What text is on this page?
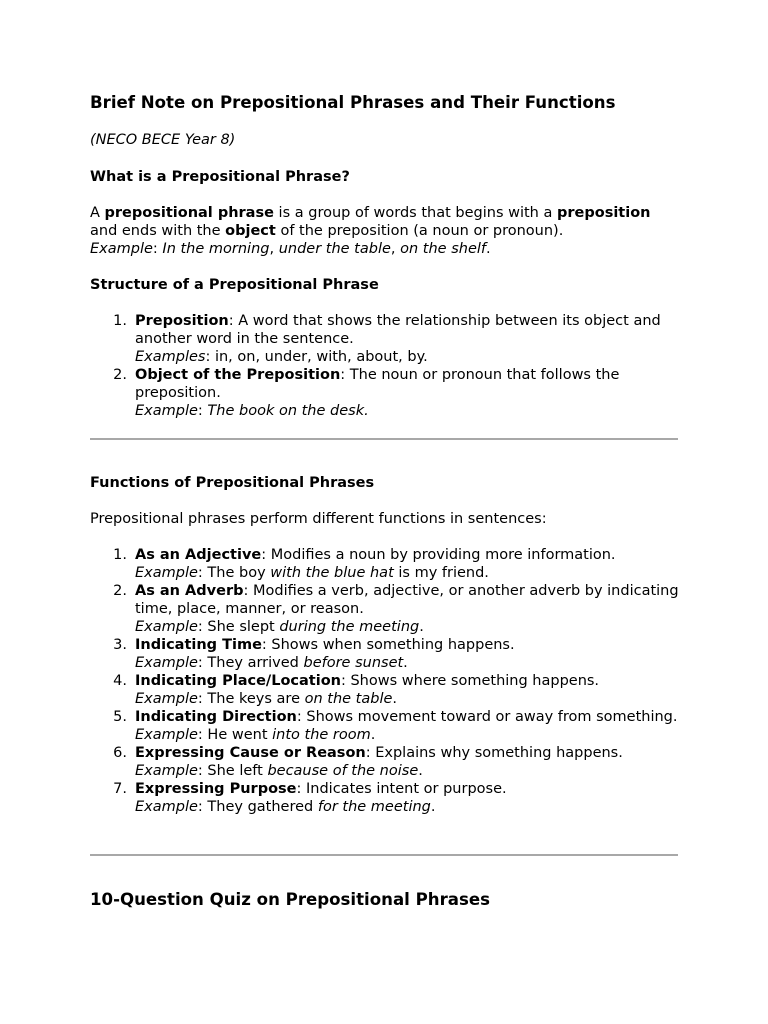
Brief Note on Prepositional Phrases and Their Functions
(NECO BECE Year 8)
What is a Prepositional Phrase?

A prepositional phrase is a group of words that begins with a preposition
and ends with the object of the preposition (a noun or pronoun).
Example: In the morning, under the table, on the shelf.

Structure of a Prepositional Phrase
1. Preposition: A word that shows the relationship between its object and another word in the sentence.
Examples: in, on, under, with, about, by.
2. Object of the Preposition: The noun or pronoun that follows the preposition.
Example: The book on the desk.
Functions of Prepositional Phrases

Prepositional phrases perform different functions in sentences:

1. As an Adjective: Modifies a noun by providing more information.
Example: The boy with the blue hat is my friend.
2. As an Adverb: Modifies a verb, adjective, or another adverb by indicating time, place, manner, or reason.
Example: She slept during the meeting.
3. Indicating Time: Shows when something happens.
Example: They arrived before sunset.
4. Indicating Place/Location: Shows where something happens.
Example: The keys are on the table.
5. Indicating Direction: Shows movement toward or away from something.
Example: He went into the room.
6. Expressing Cause or Reason: Explains why something happens.
Example: She left because of the noise.
7. Expressing Purpose: Indicates intent or purpose.
Example: They gathered for the meeting.
10-Question Quiz on Prepositional Phrases
